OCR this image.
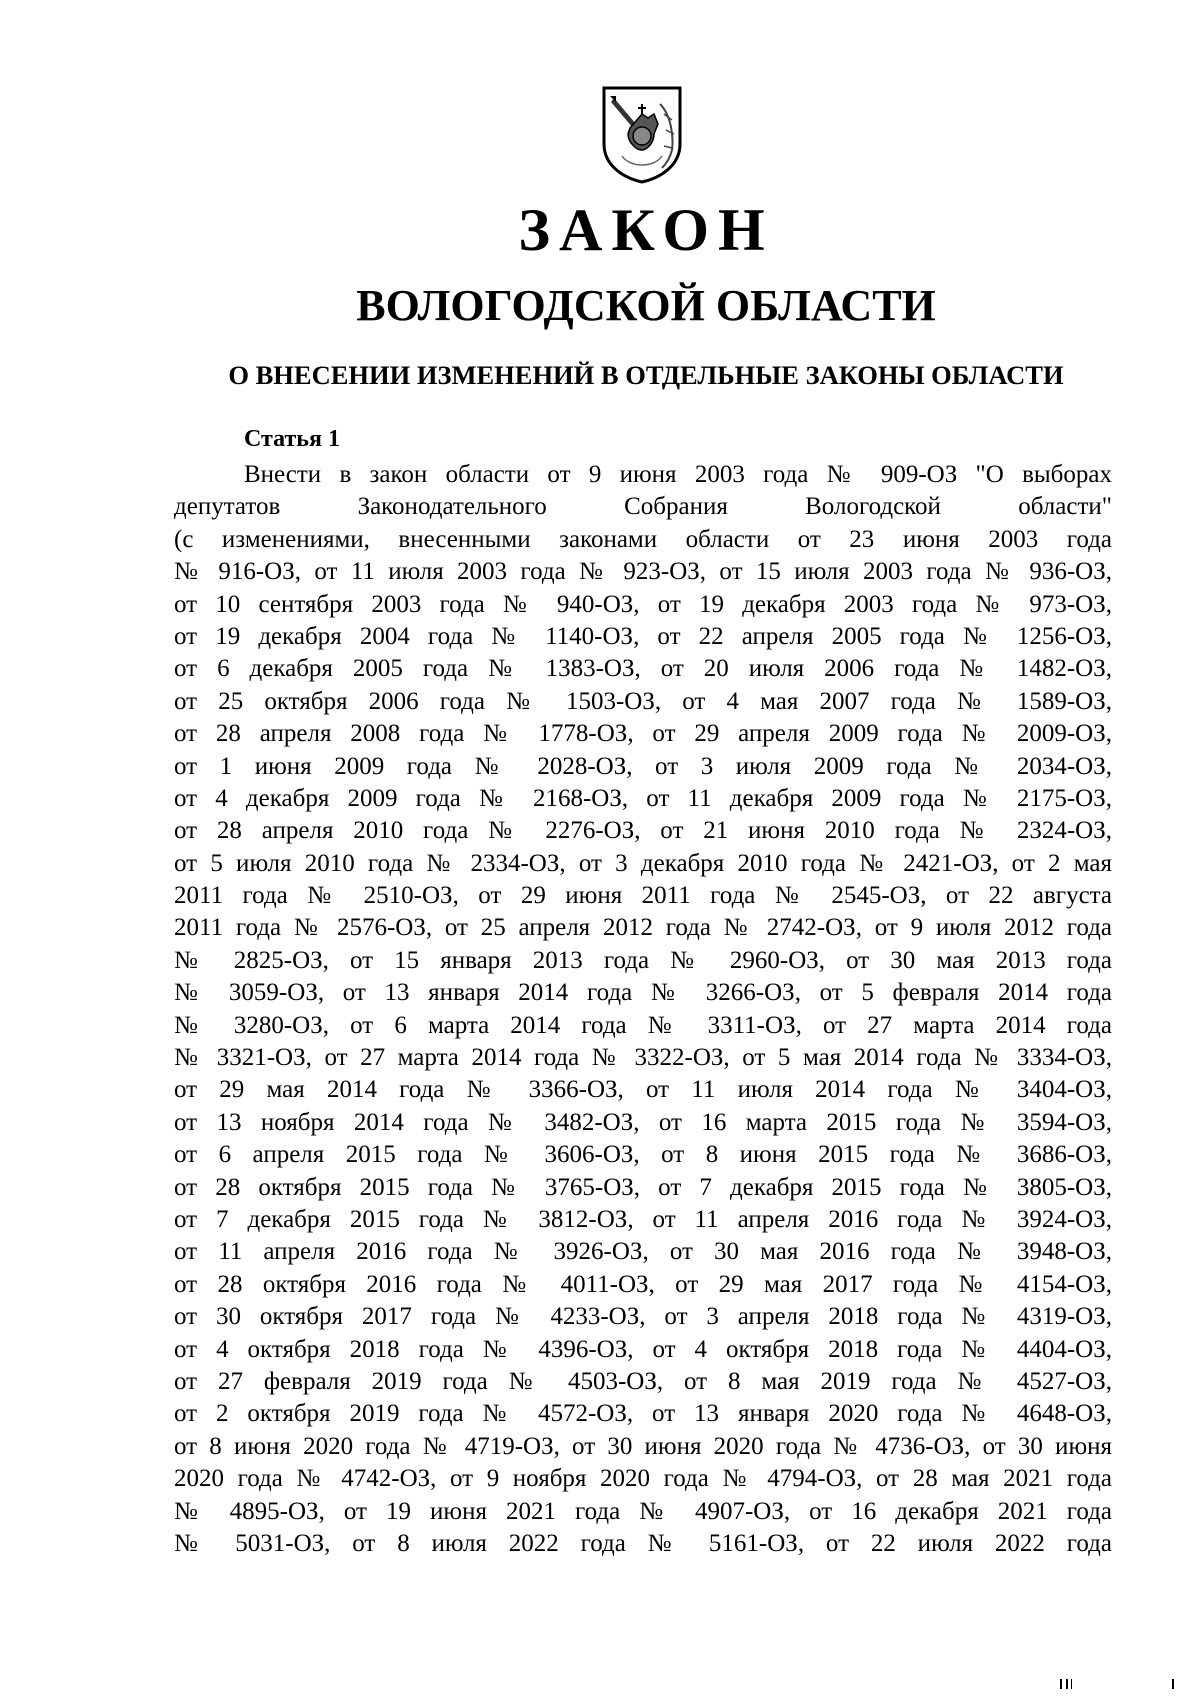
ЗАКОН
ВОЛОГОДСКОЙ ОБЛАСТИ
О ВНЕСЕНИИ ИЗМЕНЕНИЙ В ОТДЕЛЬНЫЕ ЗАКОНЫ ОБЛАСТИ
Статья 1
Внести в закон области от 9 июня 2003 года № 909-ОЗ "О выборах
депутатов Законодательного Собрания Вологодской области"
(с изменениями, внесенными законами области от 23 июня 2003 года
№ 916-ОЗ, от 11 июля 2003 года № 923-ОЗ, от 15 июля 2003 года № 936-ОЗ,
от 10 сентября 2003 года № 940-ОЗ, от 19 декабря 2003 года № 973-ОЗ,
от 19 декабря 2004 года № 1140-ОЗ, от 22 апреля 2005 года № 1256-ОЗ,
от 6 декабря 2005 года № 1383-ОЗ, от 20 июля 2006 года № 1482-ОЗ,
от 25 октября 2006 года № 1503-ОЗ, от 4 мая 2007 года № 1589-ОЗ,
от 28 апреля 2008 года № 1778-ОЗ, от 29 апреля 2009 года № 2009-ОЗ,
от 1 июня 2009 года № 2028-ОЗ, от 3 июля 2009 года № 2034-ОЗ,
от 4 декабря 2009 года № 2168-ОЗ, от 11 декабря 2009 года № 2175-ОЗ,
от 28 апреля 2010 года № 2276-ОЗ, от 21 июня 2010 года № 2324-ОЗ,
от 5 июля 2010 года № 2334-ОЗ, от 3 декабря 2010 года № 2421-ОЗ, от 2 мая
2011 года № 2510-ОЗ, от 29 июня 2011 года № 2545-ОЗ, от 22 августа
2011 года № 2576-ОЗ, от 25 апреля 2012 года № 2742-ОЗ, от 9 июля 2012 года
№ 2825-ОЗ, от 15 января 2013 года № 2960-ОЗ, от 30 мая 2013 года
№ 3059-ОЗ, от 13 января 2014 года № 3266-ОЗ, от 5 февраля 2014 года
№ 3280-ОЗ, от 6 марта 2014 года № 3311-ОЗ, от 27 марта 2014 года
№ 3321-ОЗ, от 27 марта 2014 года № 3322-ОЗ, от 5 мая 2014 года № 3334-ОЗ,
от 29 мая 2014 года № 3366-ОЗ, от 11 июля 2014 года № 3404-ОЗ,
от 13 ноября 2014 года № 3482-ОЗ, от 16 марта 2015 года № 3594-ОЗ,
от 6 апреля 2015 года № 3606-ОЗ, от 8 июня 2015 года № 3686-ОЗ,
от 28 октября 2015 года № 3765-ОЗ, от 7 декабря 2015 года № 3805-ОЗ,
от 7 декабря 2015 года № 3812-ОЗ, от 11 апреля 2016 года № 3924-ОЗ,
от 11 апреля 2016 года № 3926-ОЗ, от 30 мая 2016 года № 3948-ОЗ,
от 28 октября 2016 года № 4011-ОЗ, от 29 мая 2017 года № 4154-ОЗ,
от 30 октября 2017 года № 4233-ОЗ, от 3 апреля 2018 года № 4319-ОЗ,
от 4 октября 2018 года № 4396-ОЗ, от 4 октября 2018 года № 4404-ОЗ,
от 27 февраля 2019 года № 4503-ОЗ, от 8 мая 2019 года № 4527-ОЗ,
от 2 октября 2019 года № 4572-ОЗ, от 13 января 2020 года № 4648-ОЗ,
от 8 июня 2020 года № 4719-ОЗ, от 30 июня 2020 года № 4736-ОЗ, от 30 июня
2020 года № 4742-ОЗ, от 9 ноября 2020 года № 4794-ОЗ, от 28 мая 2021 года
№ 4895-ОЗ, от 19 июня 2021 года № 4907-ОЗ, от 16 декабря 2021 года
№ 5031-ОЗ, от 8 июля 2022 года № 5161-ОЗ, от 22 июля 2022 года
